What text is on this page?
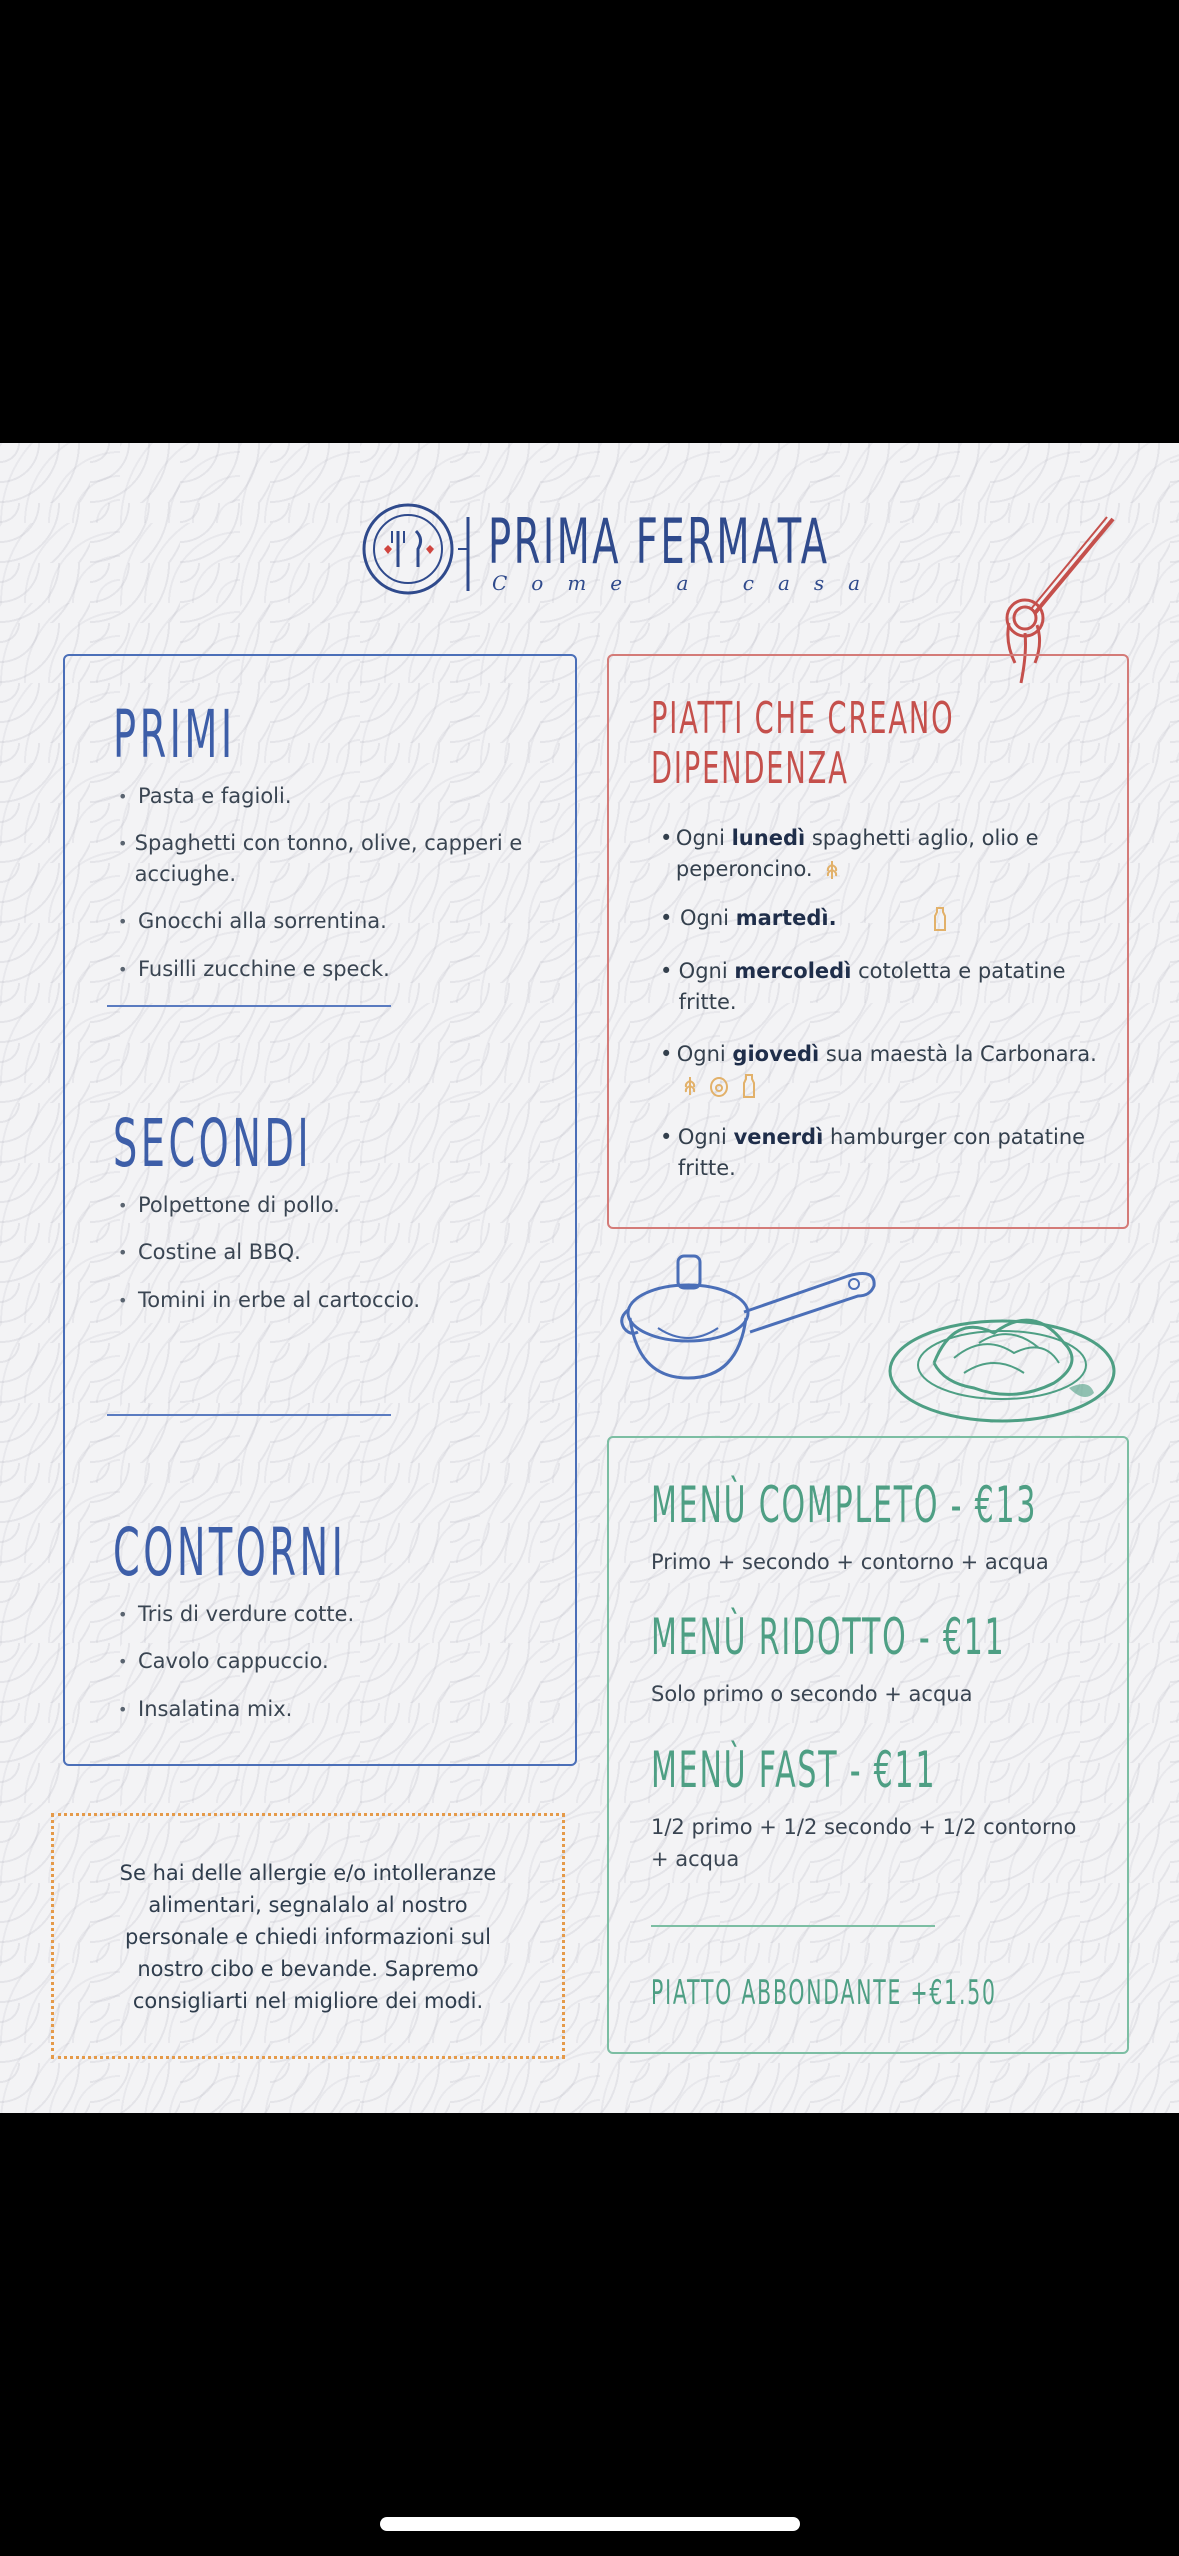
PRIMA FERMATA
Come a casa
PRIMI
• Pasta e fagioli.
• Spaghetti con tonno, olive, capperi e acciughe.
• Gnocchi alla sorrentina.
• Fusilli zucchine e speck.
SECONDI
• Polpettone di pollo.
• Costine al BBQ.
• Tomini in erbe al cartoccio.
CONTORNI
• Tris di verdure cotte.
• Cavolo cappuccio.
• Insalatina mix.
PIATTI CHE CREANO
DIPENDENZA
• Ogni lunedì spaghetti aglio, olio e peperoncino.
• Ogni martedì.
• Ogni mercoledì cotoletta e patatine fritte.
• Ogni giovedì sua maestà la Carbonara.
• Ogni venerdì hamburger con patatine fritte.
MENÙ COMPLETO - €13
Primo + secondo + contorno + acqua
MENÙ RIDOTTO - €11
Solo primo o secondo + acqua
MENÙ FAST - €11
1/2 primo + 1/2 secondo + 1/2 contorno + acqua
PIATTO ABBONDANTE +€1.50
Se hai delle allergie e/o intolleranze alimentari, segnalalo al nostro personale e chiedi informazioni sul nostro cibo e bevande. Sapremo consigliarti nel migliore dei modi.
